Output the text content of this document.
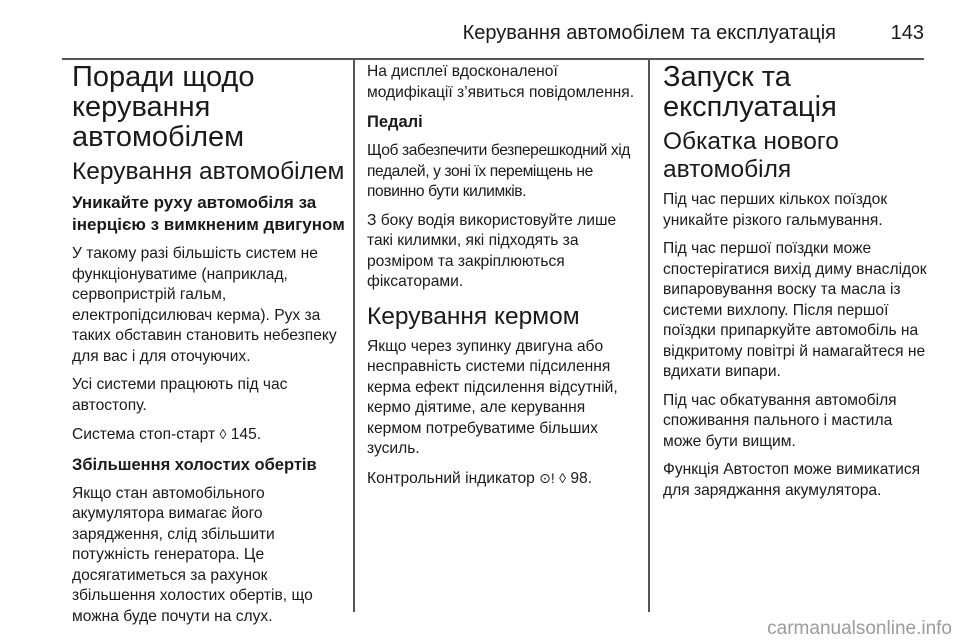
Керування автомобілем та експлуатація	143
Поради щодо керування автомобілем
Керування автомобілем
Уникайте руху автомобіля за інерцією з вимкненим двигуном
У такому разі більшість систем не функціонуватиме (наприклад, сервопристрій гальм, електропідсилювач керма). Рух за таких обставин становить небезпеку для вас і для оточуючих.
Усі системи працюють під час автостопу.
Система стоп-старт ◊ 145.
Збільшення холостих обертів
Якщо стан автомобільного акумулятора вимагає його зарядження, слід збільшити потужність генератора. Це досягатиметься за рахунок збільшення холостих обертів, що можна буде почути на слух.
На дисплеї вдосконаленої модифікації з’явиться повідомлення.
Педалі
Щоб забезпечити безперешкодний хід педалей, у зоні їх переміщень не повинно бути килимків.
З боку водія використовуйте лише такі килимки, які підходять за розміром та закріплюються фіксаторами.
Керування кермом
Якщо через зупинку двигуна або несправність системи підсилення керма ефект підсилення відсутній, кермо діятиме, але керування кермом потребуватиме більших зусиль.
Контрольний індикатор ⊙! ◊ 98.
Запуск та експлуатація
Обкатка нового автомобіля
Під час перших кількох поїздок уникайте різкого гальмування.
Під час першої поїздки може спостерігатися вихід диму внаслідок випаровування воску та масла із системи вихлопу. Після першої поїздки припаркуйте автомобіль на відкритому повітрі й намагайтеся не вдихати випари.
Під час обкатування автомобіля споживання пального і мастила може бути вищим.
Функція Автостоп може вимикатися для заряджання акумулятора.
carmanualsonline.info
